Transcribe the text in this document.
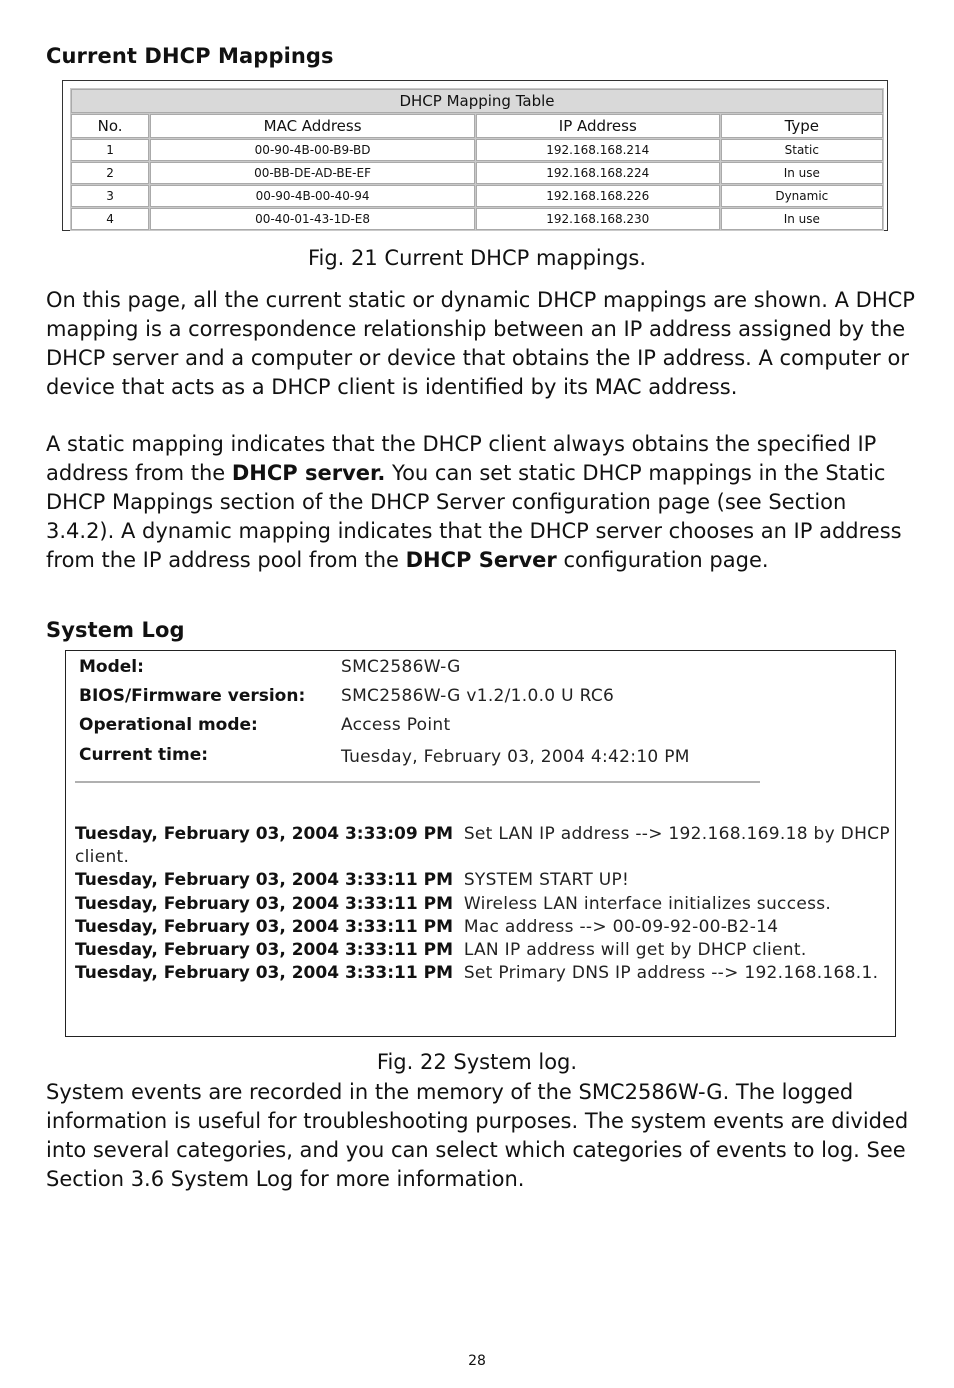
Current DHCP Mappings
DHCP Mapping Table			
No.	MAC Address	IP Address	Type
1	00-90-4B-00-B9-BD	192.168.168.214	Static
2	00-BB-DE-AD-BE-EF	192.168.168.224	In use
3	00-90-4B-00-40-94	192.168.168.226	Dynamic
4	00-40-01-43-1D-E8	192.168.168.230	In use
Fig. 21 Current DHCP mappings.
On this page, all the current static or dynamic DHCP mappings are shown. A DHCP mapping is a correspondence relationship between an IP address assigned by the DHCP server and a computer or device that obtains the IP address. A computer or device that acts as a DHCP client is identified by its MAC address.
A static mapping indicates that the DHCP client always obtains the specified IP address from the DHCP server. You can set static DHCP mappings in the Static DHCP Mappings section of the DHCP Server configuration page (see Section 3.4.2). A dynamic mapping indicates that the DHCP server chooses an IP address from the IP address pool from the DHCP Server configuration page.
System Log
Model:	SMC2586W-G
BIOS/Firmware version: SMC2586W-G v1.2/1.0.0 U RC6
Operational mode:	Access Point
Current time:	Tuesday, February 03, 2004 4:42:10 PM

Tuesday, February 03, 2004 3:33:09 PM Set LAN IP address --> 192.168.169.18 by DHCP client.

Tuesday, February 03, 2004 3:33:11 PM SYSTEM START UP!

Tuesday, February 03, 2004 3:33:11 PM Wireless LAN interface initializes success.

Tuesday, February 03, 2004 3:33:11 PM Mac address --> 00-09-92-00-B2-14

Tuesday, February 03, 2004 3:33:11 PM LAN IP address will get by DHCP client.

Tuesday, February 03, 2004 3:33:11 PM Set Primary DNS IP address --> 192.168.168.1.

Fig. 22 System log.
System events are recorded in the memory of the SMC2586W-G. The logged information is useful for troubleshooting purposes. The system events are divided into several categories, and you can select which categories of events to log. See Section 3.6 System Log for more information.
28
